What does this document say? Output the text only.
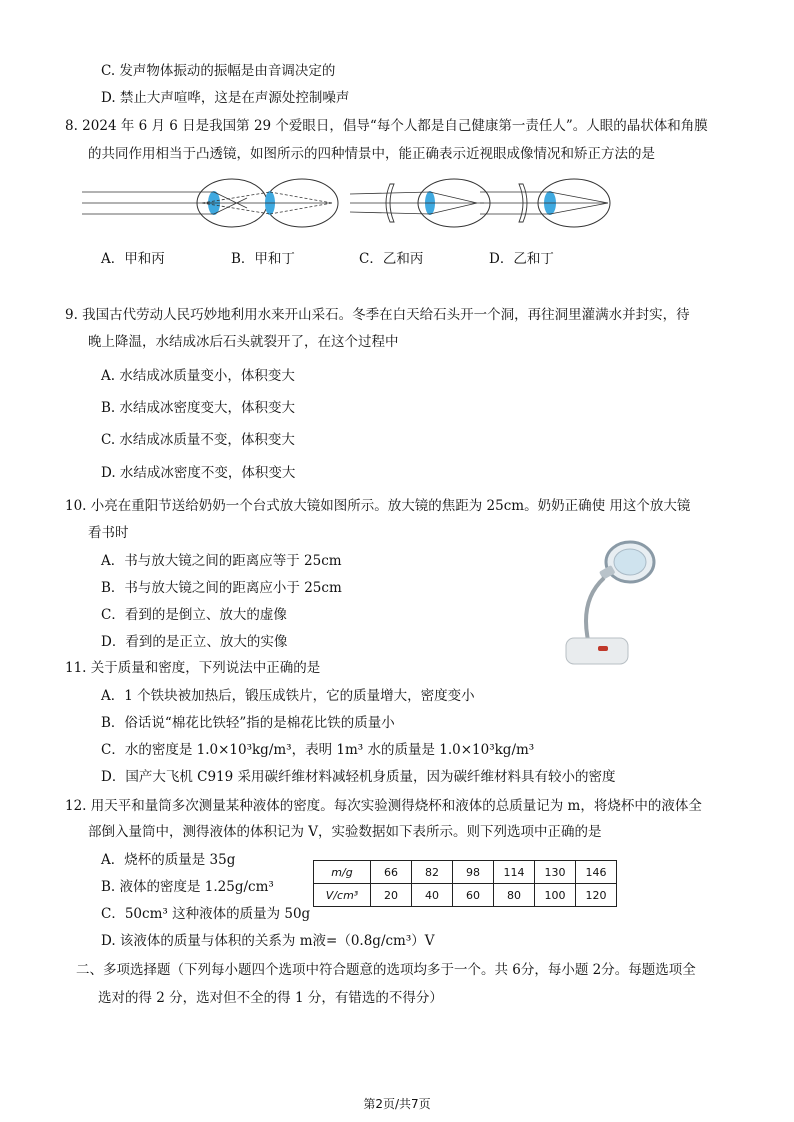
C. 发声物体振动的振幅是由音调决定的
D. 禁止大声喧哗，这是在声源处控制噪声
8. 2024 年 6 月 6 日是我国第 29 个爱眼日，倡导“每个人都是自己健康第一责任人”。人眼的晶状体和角膜
的共同作用相当于凸透镜，如图所示的四种情景中，能正确表示近视眼成像情况和矫正方法的是
A．甲和丙	B．甲和丁	C．乙和丙	D．乙和丁
9. 我国古代劳动人民巧妙地利用水来开山采石。冬季在白天给石头开一个洞，再往洞里灌满水并封实，待
晚上降温，水结成冰后石头就裂开了，在这个过程中
A. 水结成冰质量变小，体积变大
B. 水结成冰密度变大，体积变大
C. 水结成冰质量不变，体积变大
D. 水结成冰密度不变，体积变大
10. 小亮在重阳节送给奶奶一个台式放大镜如图所示。放大镜的焦距为 25cm。奶奶正确使 用这个放大镜
看书时
A．书与放大镜之间的距离应等于 25cm
B．书与放大镜之间的距离应小于 25cm
C．看到的是倒立、放大的虚像
D．看到的是正立、放大的实像
11. 关于质量和密度，下列说法中正确的是
A．1 个铁块被加热后，锻压成铁片，它的质量增大，密度变小
B．俗话说“棉花比铁轻”指的是棉花比铁的质量小
C．水的密度是 1.0×10³kg/m³，表明 1m³ 水的质量是 1.0×10³kg/m³
D．国产大飞机 C919 采用碳纤维材料减轻机身质量，因为碳纤维材料具有较小的密度
12. 用天平和量筒多次测量某种液体的密度。每次实验测得烧杯和液体的总质量记为 m，将烧杯中的液体全
部倒入量筒中，测得液体的体积记为 V，实验数据如下表所示。则下列选项中正确的是
A．烧杯的质量是 35g
B. 液体的密度是 1.25g/cm³
C．50cm³ 这种液体的质量为 50g
D. 该液体的质量与体积的关系为 m液=（0.8g/cm³）V
m/g	66	82	98	114	130	146
V/cm³	20	40	60	80	100	120
二、多项选择题（下列每小题四个选项中符合题意的选项均多于一个。共 6分，每小题 2分。每题选项全
选对的得 2 分，选对但不全的得 1 分，有错选的不得分）
第2页/共7页
